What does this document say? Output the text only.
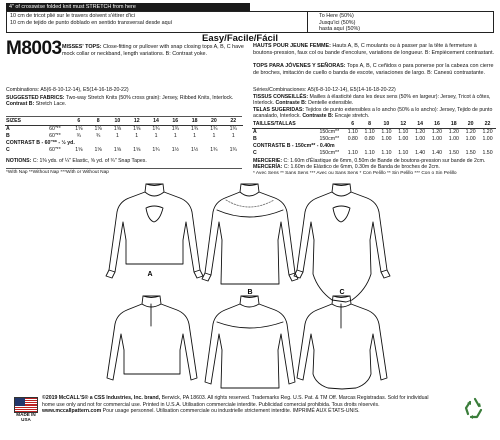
4" of crosswise folded knit must STRETCH from here
10 cm de tricot plié sur le travers doivent s'étirer d'ici
10 cm de tejido de punto doblado en sentido transversal desde aquí
To Here (50%)
Jusqu'ici (50%)
hasta aquí (50%)
M8003	Easy/Facile/Fácil
MISSES' TOPS: Close-fitting or pullover with snap closing tops A, B, C have mock collar or neckband, length variations. B: Contrast yoke.
HAUTS POUR JEUNE FEMME: Hauts A, B, C moulants ou à passer par la tête à fermeture à boutons-pression, faux col ou bande d'encolure, variations de longueur. B: Empiècement contrastant.
TOPS PARA JÓVENES Y SEÑORAS: Tops A, B, C ceñidos o para ponerse por la cabeza con cierre de broches, imitación de cuello o banda de escote, variaciones de largo. B: Canesú contrastante.
Combinations: A5(6-8-10-12-14), E5(14-16-18-20-22)
SUGGESTED FABRICS: Two-way Stretch Knits (50% cross grain): Jersey, Ribbed Knits, Interlock. Contrast B: Stretch Lace.
SIZES		6	8	10	12	14	16	18	20	22
A	60"**	1⅝	1⅝	1⅝	1⅝	1¾	1¾	1¾	1¾	1¾
B	60"**	¾	¾	1	1	1	1	1	1	1
CONTRAST B - 60"** - ½ yd.										
C	60"**	1⅝	1⅝	1⅝	1⅝	1¾	1½	1½	1¾	1¾
NOTIONS: C: 1⅜ yds. of ¼" Elastic, ⅝ yd. of ¾" Snap Tapes.
*With Nap **Without Nap ***With or Without Nap
Séries/Combinaciones: A5(6-8-10-12-14), E5(14-16-18-20-22)
TISSUS CONSEILLÉS: Mailles à élasticité dans les deux sens (50% en largeur): Jersey, Tricot à côtes, Interlock. Contraste B: Dentelle extensible.
TELAS SUGERIDAS: Tejidos de punto extensibles a lo ancho (50% a lo ancho): Jersey, Tejido de punto acanalado, Interlock. Contraste B: Encaje stretch.
TAILLES/TALLAS		6	8	10	12	14	16	18	20	22
A	150cm**	1.10	1.10	1.10	1.10	1.20	1.20	1.20	1.20	1.20
B	150cm**	0.80	0.80	1.00	1.00	1.00	1.00	1.00	1.00	1.00
CONTRASTE B - 150cm** - 0.40m										
C	150cm**	1.10	1.10	1.10	1.10	1.40	1.40	1.50	1.50	1.50
MERCERIE: C: 1.60m d'Élastique de 6mm, 0.50m de Bande de boutons-pression sur bande de 2cm.
MERCERÍA: C: 1.60m de Elástico de 6mm, 0.30m de Banda de broches de 2cm.
* Avec Sens ** Sans Sens *** Avec ou Sans Sens * Con Pelillo ** Sin Pelillo *** Con o Sin Pelillo
A
B	C
MADE IN USA
©2019 McCALL'S® a CSS Industries, Inc. brand, Berwick, PA 18603. All rights reserved. Trademarks Reg. U.S. Pat. & TM Off. Marcas Registradas. Sold for individual home use only and not for commercial use. Printed in U.S.A. Utilisation commerciale interdite. Publicidad comercial prohibida. Tous droits réservés. www.mccallpattern.com Pour usage personnel. Utilisation commerciale ou industrielle strictement interdite. IMPRIMÉ AUX ÉTATS-UNIS.
